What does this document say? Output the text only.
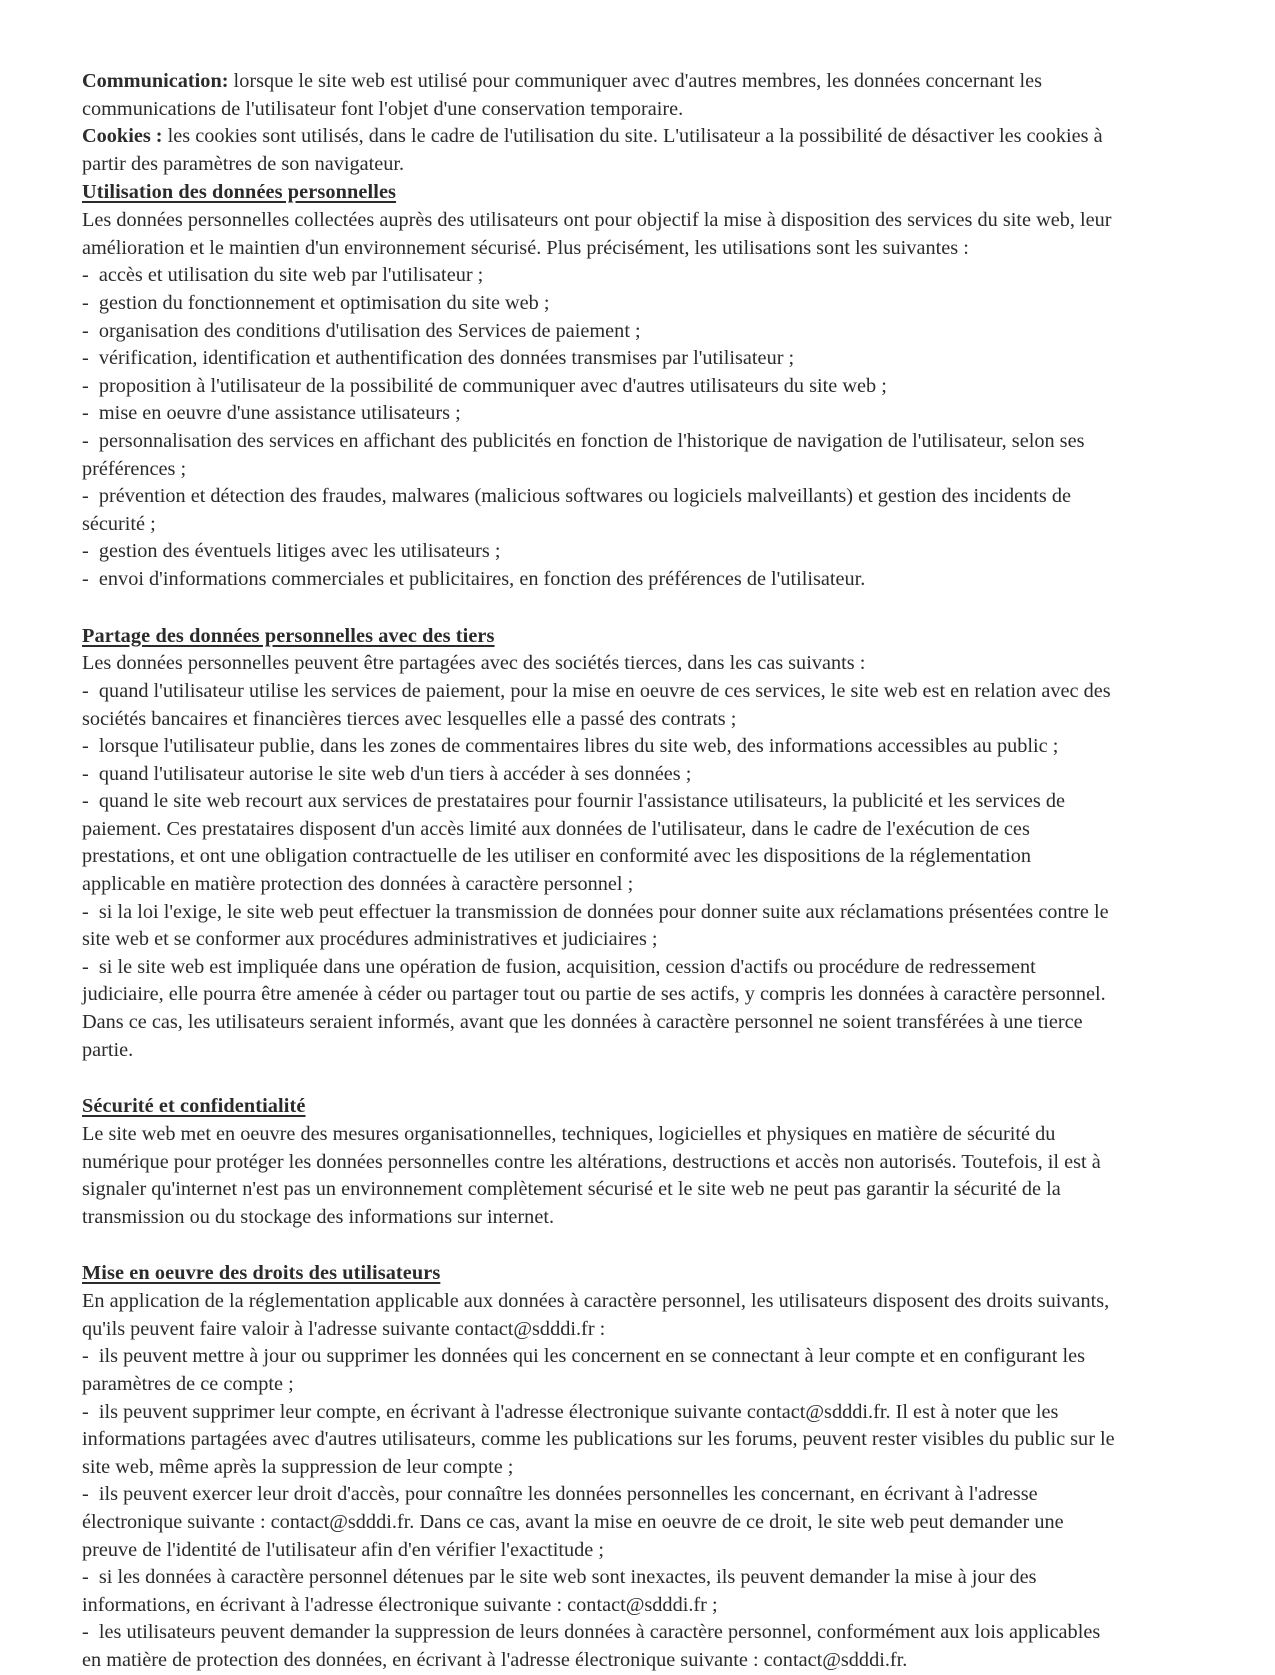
Communication: lorsque le site web est utilisé pour communiquer avec d'autres membres, les données concernant les communications de l'utilisateur font l'objet d'une conservation temporaire.

Cookies : les cookies sont utilisés, dans le cadre de l'utilisation du site. L'utilisateur a la possibilité de désactiver les cookies à partir des paramètres de son navigateur.

Utilisation des données personnelles

Les données personnelles collectées auprès des utilisateurs ont pour objectif la mise à disposition des services du site web, leur amélioration et le maintien d'un environnement sécurisé. Plus précisément, les utilisations sont les suivantes :

-  accès et utilisation du site web par l'utilisateur ;
-  gestion du fonctionnement et optimisation du site web ;
-  organisation des conditions d'utilisation des Services de paiement ;
-  vérification, identification et authentification des données transmises par l'utilisateur ;
-  proposition à l'utilisateur de la possibilité de communiquer avec d'autres utilisateurs du site web ;
-  mise en oeuvre d'une assistance utilisateurs ;
-  personnalisation des services en affichant des publicités en fonction de l'historique de navigation de l'utilisateur, selon ses préférences ;
-  prévention et détection des fraudes, malwares (malicious softwares ou logiciels malveillants) et gestion des incidents de sécurité ;
-  gestion des éventuels litiges avec les utilisateurs ;
-  envoi d'informations commerciales et publicitaires, en fonction des préférences de l'utilisateur.
Partage des données personnelles avec des tiers

Les données personnelles peuvent être partagées avec des sociétés tierces, dans les cas suivants :

-  quand l'utilisateur utilise les services de paiement, pour la mise en oeuvre de ces services, le site web est en relation avec des sociétés bancaires et financières tierces avec lesquelles elle a passé des contrats ;
-  lorsque l'utilisateur publie, dans les zones de commentaires libres du site web, des informations accessibles au public ;
-  quand l'utilisateur autorise le site web d'un tiers à accéder à ses données ;
-  quand le site web recourt aux services de prestataires pour fournir l'assistance utilisateurs, la publicité et les services de paiement. Ces prestataires disposent d'un accès limité aux données de l'utilisateur, dans le cadre de l'exécution de ces prestations, et ont une obligation contractuelle de les utiliser en conformité avec les dispositions de la réglementation applicable en matière protection des données à caractère personnel ;
-  si la loi l'exige, le site web peut effectuer la transmission de données pour donner suite aux réclamations présentées contre le site web et se conformer aux procédures administratives et judiciaires ;
-  si le site web est impliquée dans une opération de fusion, acquisition, cession d'actifs ou procédure de redressement judiciaire, elle pourra être amenée à céder ou partager tout ou partie de ses actifs, y compris les données à caractère personnel. Dans ce cas, les utilisateurs seraient informés, avant que les données à caractère personnel ne soient transférées à une tierce partie.
Sécurité et confidentialité

Le site web met en oeuvre des mesures organisationnelles, techniques, logicielles et physiques en matière de sécurité du numérique pour protéger les données personnelles contre les altérations, destructions et accès non autorisés. Toutefois, il est à signaler qu'internet n'est pas un environnement complètement sécurisé et le site web ne peut pas garantir la sécurité de la transmission ou du stockage des informations sur internet.

Mise en oeuvre des droits des utilisateurs

En application de la réglementation applicable aux données à caractère personnel, les utilisateurs disposent des droits suivants, qu'ils peuvent faire valoir à l'adresse suivante contact@sdddi.fr :

-  ils peuvent mettre à jour ou supprimer les données qui les concernent en se connectant à leur compte et en configurant les paramètres de ce compte ;
-  ils peuvent supprimer leur compte, en écrivant à l'adresse électronique suivante contact@sdddi.fr. Il est à noter que les informations partagées avec d'autres utilisateurs, comme les publications sur les forums, peuvent rester visibles du public sur le site web, même après la suppression de leur compte ;
-  ils peuvent exercer leur droit d'accès, pour connaître les données personnelles les concernant, en écrivant à l'adresse électronique suivante : contact@sdddi.fr. Dans ce cas, avant la mise en oeuvre de ce droit, le site web peut demander une preuve de l'identité de l'utilisateur afin d'en vérifier l'exactitude ;
-  si les données à caractère personnel détenues par le site web sont inexactes, ils peuvent demander la mise à jour des informations, en écrivant à l'adresse électronique suivante : contact@sdddi.fr ;
-  les utilisateurs peuvent demander la suppression de leurs données à caractère personnel, conformément aux lois applicables en matière de protection des données, en écrivant à l'adresse électronique suivante : contact@sdddi.fr.
